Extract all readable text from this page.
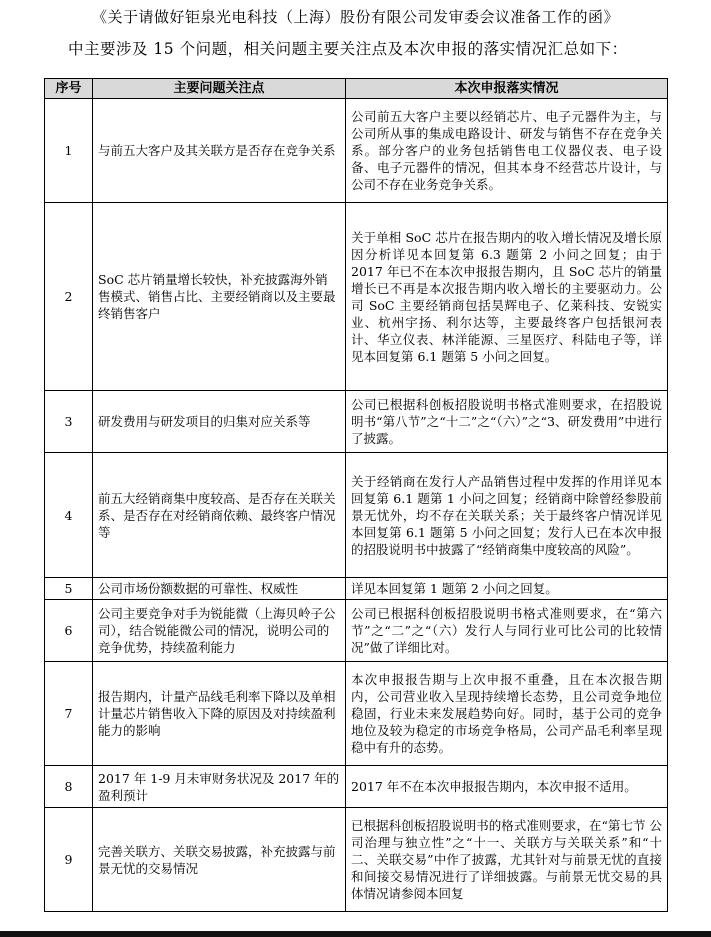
《关于请做好钜泉光电科技（上海）股份有限公司发审委会议准备工作的函》
中主要涉及 15 个问题，相关问题主要关注点及本次申报的落实情况汇总如下：
序号	主要问题关注点	本次申报落实情况
1	与前五大客户及其关联方是否存在竞争关系	公司前五大客户主要以经销芯片、电子元器件为主，与公司所从事的集成电路设计、研发与销售不存在竞争关系。部分客户的业务包括销售电工仪器仪表、电子设备、电子元器件的情况，但其本身不经营芯片设计，与公司不存在业务竞争关系。
2	SoC 芯片销量增长较快，补充披露海外销售模式、销售占比、主要经销商以及主要最终销售客户	关于单相 SoC 芯片在报告期内的收入增长情况及增长原因分析详见本回复第 6.3 题第 2 小问之回复；由于 2017 年已不在本次申报报告期内，且 SoC 芯片的销量增长已不再是本次报告期内收入增长的主要驱动力。公司 SoC 主要经销商包括昊辉电子、亿莱科技、安锐实业、杭州宇扬、利尔达等，主要最终客户包括银河表计、华立仪表、林洋能源、三星医疗、科陆电子等，详见本回复第 6.1 题第 5 小问之回复。
3	研发费用与研发项目的归集对应关系等	公司已根据科创板招股说明书格式准则要求，在招股说明书“第八节”之“十二”之“（六）”之“3、研发费用”中进行了披露。
4	前五大经销商集中度较高、是否存在关联关系、是否存在对经销商依赖、最终客户情况等	关于经销商在发行人产品销售过程中发挥的作用详见本回复第 6.1 题第 1 小问之回复；经销商中除曾经参股前景无忧外，均不存在关联关系；关于最终客户情况详见本回复第 6.1 题第 5 小问之回复；发行人已在本次申报的招股说明书中披露了“经销商集中度较高的风险”。
5	公司市场份额数据的可靠性、权威性	详见本回复第 1 题第 2 小问之回复。
6	公司主要竞争对手为锐能微（上海贝岭子公司），结合锐能微公司的情况，说明公司的竞争优势，持续盈利能力	公司已根据科创板招股说明书格式准则要求，在“第六节”之“二”之“（六）发行人与同行业可比公司的比较情况”做了详细比对。
7	报告期内，计量产品线毛利率下降以及单相计量芯片销售收入下降的原因及对持续盈利能力的影响	本次申报报告期与上次申报不重叠，且在本次报告期内，公司营业收入呈现持续增长态势，且公司竞争地位稳固，行业未来发展趋势向好。同时，基于公司的竞争地位及较为稳定的市场竞争格局，公司产品毛利率呈现稳中有升的态势。
8	2017 年 1-9 月未审财务状况及 2017 年的盈利预计	2017 年不在本次申报报告期内，本次申报不适用。
9	完善关联方、关联交易披露，补充披露与前景无忧的交易情况	已根据科创板招股说明书的格式准则要求，在“第七节 公司治理与独立性”之“十一、关联方与关联关系”和“十二、关联交易”中作了披露，尤其针对与前景无忧的直接和间接交易情况进行了详细披露。与前景无忧交易的具体情况请参阅本回复
